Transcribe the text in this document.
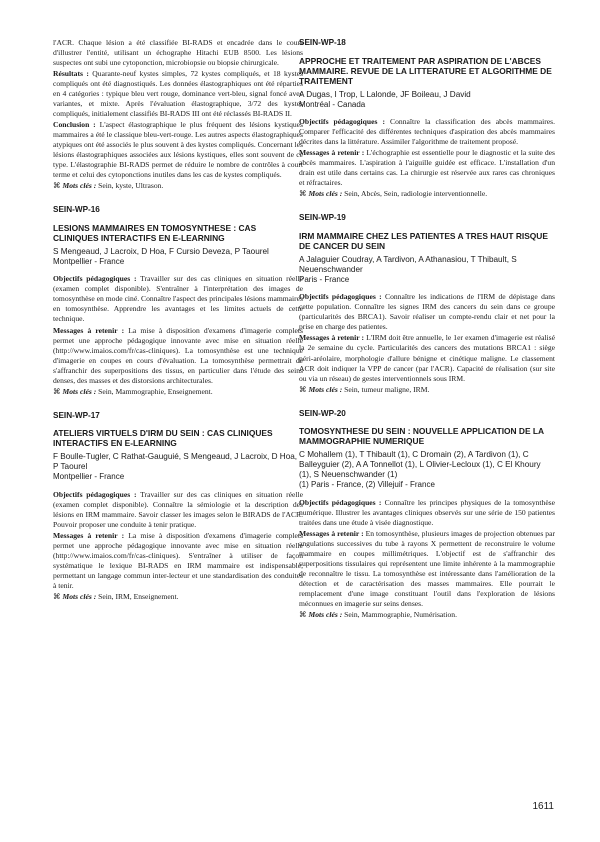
l'ACR. Chaque lésion a été classifiée BI-RADS et encadrée dans le cours d'illustrer l'entité, utilisant un échographe Hitachi EUB 8500. Les lésions suspectes ont subi une cytoponction, microbiopsie ou biopsie chirurgicale.

Résultats : Quarante-neuf kystes simples, 72 kystes compliqués, et 18 kystes compliqués ont été diagnostiqués. Les données élastographiques ont été réparties en 4 catégories : typique bleu vert rouge, dominance vert-bleu, signal foncé avec variantes, et mixte. Après l'évaluation élastographique, 3/72 des kystes compliqués, initialement classifiés BI-RADS III ont été réclassés BI-RADS II.

Conclusion : L'aspect élastographique le plus fréquent des lésions kystiques mammaires a été le classique bleu-vert-rouge. Les autres aspects élastographiques atypiques ont été associés le plus souvent à des kystes compliqués. Concernant les lésions élastographiques associées aux lésions kystiques, elles sont souvent de ce type. L'élastographie BI-RADS permet de réduire le nombre de contrôles à court terme et celui des cytoponctions inutiles dans les cas de kystes compliqués.

⌘ Mots clés : Sein, kyste, Ultrason.

SEIN-WP-16

LESIONS MAMMAIRES EN TOMOSYNTHESE : CAS CLINIQUES INTERACTIFS EN E-LEARNING

S Mengeaud, J Lacroix, D Hoa, F Cursio Deveza, P Taourel

Montpellier - France

Objectifs pédagogiques : Travailler sur des cas cliniques en situation réelle (examen complet disponible). S'entraîner à l'interprétation des images de tomosynthèse en mode ciné. Connaître l'aspect des principales lésions mammaires en tomosynthèse. Apprendre les avantages et les limites actuels de cette technique.

Messages à retenir : La mise à disposition d'examens d'imagerie complets permet une approche pédagogique innovante avec mise en situation réelle (http://www.imaios.com/fr/cas-cliniques). La tomosynthèse est une technique d'imagerie en coupes en cours d'évaluation. La tomosynthèse permettrait de s'affranchir des superpositions des tissus, en particulier dans l'étude des seins denses, des masses et des distorsions architecturales.

⌘ Mots clés : Sein, Mammographie, Enseignement.

SEIN-WP-17

ATELIERS VIRTUELS D'IRM DU SEIN : CAS CLINIQUES INTERACTIFS EN E-LEARNING

F Boulle-Tugler, C Rathat-Gauguié, S Mengeaud, J Lacroix, D Hoa, P Taourel

Montpellier - France

Objectifs pédagogiques : Travailler sur des cas cliniques en situation réelle (examen complet disponible). Connaître la sémiologie et la description des lésions en IRM mammaire. Savoir classer les images selon le BIRADS de l'ACR. Pouvoir proposer une conduite à tenir pratique.

Messages à retenir : La mise à disposition d'examens d'imagerie complets permet une approche pédagogique innovante avec mise en situation réelle (http://www.imaios.com/fr/cas-cliniques). S'entraîner à utiliser de façon systématique le lexique BI-RADS en IRM mammaire est indispensable, permettant un langage commun inter-lecteur et une standardisation des conduites à tenir.

⌘ Mots clés : Sein, IRM, Enseignement.

SEIN-WP-18

APPROCHE ET TRAITEMENT PAR ASPIRATION DE L'ABCES MAMMAIRE. REVUE DE LA LITTERATURE ET ALGORITHME DE TRAITEMENT

A Dugas, I Trop, L Lalonde, JF Boileau, J David

Montréal - Canada

Objectifs pédagogiques : Connaître la classification des abcès mammaires. Comparer l'efficacité des différentes techniques d'aspiration des abcès mammaires décrites dans la littérature. Assimiler l'algorithme de traitement proposé.

Messages à retenir : L'échographie est essentielle pour le diagnostic et la suite des abcès mammaires. L'aspiration à l'aiguille guidée est efficace. L'installation d'un drain est utile dans certains cas. La chirurgie est réservée aux rares cas chroniques et réfractaires.

⌘ Mots clés : Sein, Abcès, Sein, radiologie interventionnelle.

SEIN-WP-19

IRM MAMMAIRE CHEZ LES PATIENTES A TRES HAUT RISQUE DE CANCER DU SEIN

A Jalaguier Coudray, A Tardivon, A Athanasiou, T Thibault, S Neuenschwander

Paris - France

Objectifs pédagogiques : Connaître les indications de l'IRM de dépistage dans cette population. Connaître les signes IRM des cancers du sein dans ce groupe (particularités des BRCA1). Savoir réaliser un compte-rendu clair et net pour la prise en charge des patientes.

Messages à retenir : L'IRM doit être annuelle, le 1er examen d'imagerie est réalisé la 2e semaine du cycle. Particularités des cancers des mutations BRCA1 : siège péri-aréolaire, morphologie d'allure bénigne et cinétique maligne. Le classement ACR doit indiquer la VPP de cancer (par l'ACR). Capacité de réalisation (sur site ou via un réseau) de gestes interventionnels sous IRM.

⌘ Mots clés : Sein, tumeur maligne, IRM.

SEIN-WP-20

TOMOSYNTHESE DU SEIN : NOUVELLE APPLICATION DE LA MAMMOGRAPHIE NUMERIQUE

C Mohallem (1), T Thibault (1), C Dromain (2), A Tardivon (1), C Balleyguier (2), A A Tonnellot (1), L Olivier-Lecloux (1), C El Khoury (1), S Neuenschwander (1)

(1) Paris - France, (2) Villejuif - France

Objectifs pédagogiques : Connaître les principes physiques de la tomosynthèse numérique. Illustrer les avantages cliniques observés sur une série de 150 patientes traitées dans une étude à visée diagnostique.

Messages à retenir : En tomosynthèse, plusieurs images de projection obtenues par angulations successives du tube à rayons X permettent de reconstruire le volume mammaire en coupes millimétriques. L'objectif est de s'affranchir des superpositions tissulaires qui représentent une limite inhérente à la mammographie de reconnaître le tissu. La tomosynthèse est intéressante dans l'amélioration de la détection et de caractérisation des masses mammaires. Elle pourrait le remplacement d'une image constituant l'outil dans l'exploration de lésions méconnues en imagerie sur seins denses.

⌘ Mots clés : Sein, Mammographie, Numérisation.

1611
